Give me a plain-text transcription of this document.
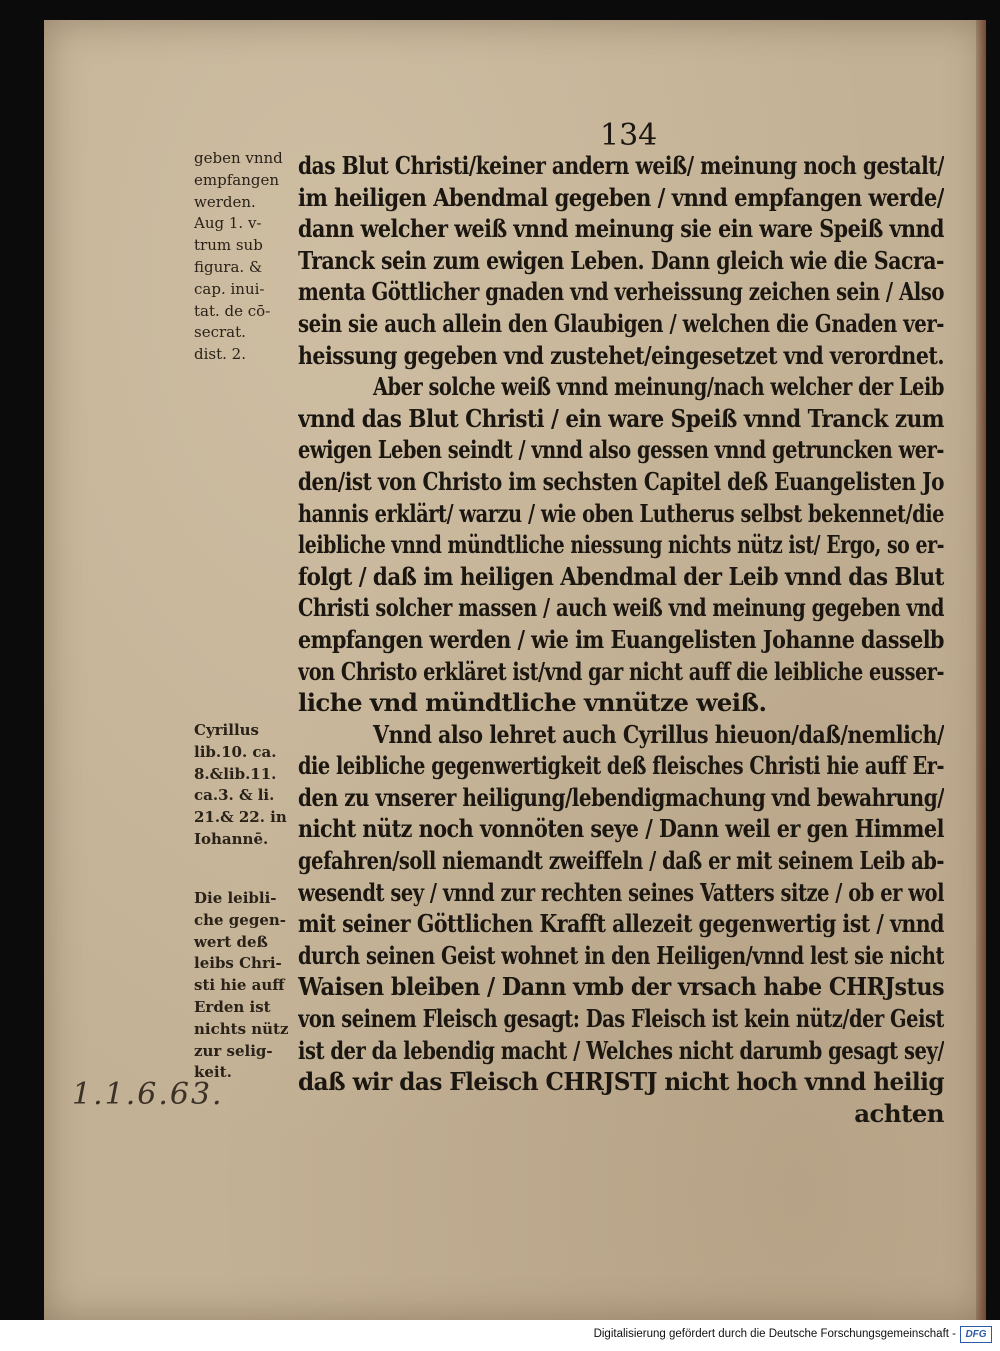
134
das Blut Christi/keiner andern weiß/ meinung noch gestalt/
im heiligen Abendmal gegeben / vnnd empfangen werde/
dann welcher weiß vnnd meinung sie ein ware Speiß vnnd
Tranck sein zum ewigen Leben. Dann gleich wie die Sacra-
menta Göttlicher gnaden vnd verheissung zeichen sein / Also
sein sie auch allein den Glaubigen / welchen die Gnaden ver-
heissung gegeben vnd zustehet/eingesetzet vnd verordnet.
Aber solche weiß vnnd meinung/nach welcher der Leib
vnnd das Blut Christi / ein ware Speiß vnnd Tranck zum
ewigen Leben seindt / vnnd also gessen vnnd getruncken wer-
den/ist von Christo im sechsten Capitel deß Euangelisten Jo
hannis erklärt/ warzu / wie oben Lutherus selbst bekennet/die
leibliche vnnd mündtliche niessung nichts nütz ist/ Ergo, so er-
folgt / daß im heiligen Abendmal der Leib vnnd das Blut
Christi solcher massen / auch weiß vnd meinung gegeben vnd
empfangen werden / wie im Euangelisten Johanne dasselb
von Christo erkläret ist/vnd gar nicht auff die leibliche eusser-
liche vnd mündtliche vnnütze weiß.
Vnnd also lehret auch Cyrillus hieuon/daß/nemlich/
die leibliche gegenwertigkeit deß fleisches Christi hie auff Er-
den zu vnserer heiligung/lebendigmachung vnd bewahrung/
nicht nütz noch vonnöten seye / Dann weil er gen Himmel
gefahren/soll niemandt zweiffeln / daß er mit seinem Leib ab-
wesendt sey / vnnd zur rechten seines Vatters sitze / ob er wol
mit seiner Göttlichen Krafft allezeit gegenwertig ist / vnnd
durch seinen Geist wohnet in den Heiligen/vnnd lest sie nicht
Waisen bleiben / Dann vmb der vrsach habe CHRJstus
von seinem Fleisch gesagt: Das Fleisch ist kein nütz/der Geist
ist der da lebendig macht / Welches nicht darumb gesagt sey/
daß wir das Fleisch CHRJSTJ nicht hoch vnnd heilig
achten
geben vnnd
empfangen
werden.
Aug 1. v-
trum sub
figura. &
cap. inui-
tat. de cō-
secrat.
dist. 2.
Cyrillus
lib.10. ca.
8.&lib.11.
ca.3. & li.
21.& 22. in
Iohannē.
Die leibli-
che gegen-
wert deß
leibs Chri-
sti hie auff
Erden ist
nichts nütz
zur selig-
keit.
1.1.6.63.
Digitalisierung gefördert durch die Deutsche Forschungsgemeinschaft - DFG
